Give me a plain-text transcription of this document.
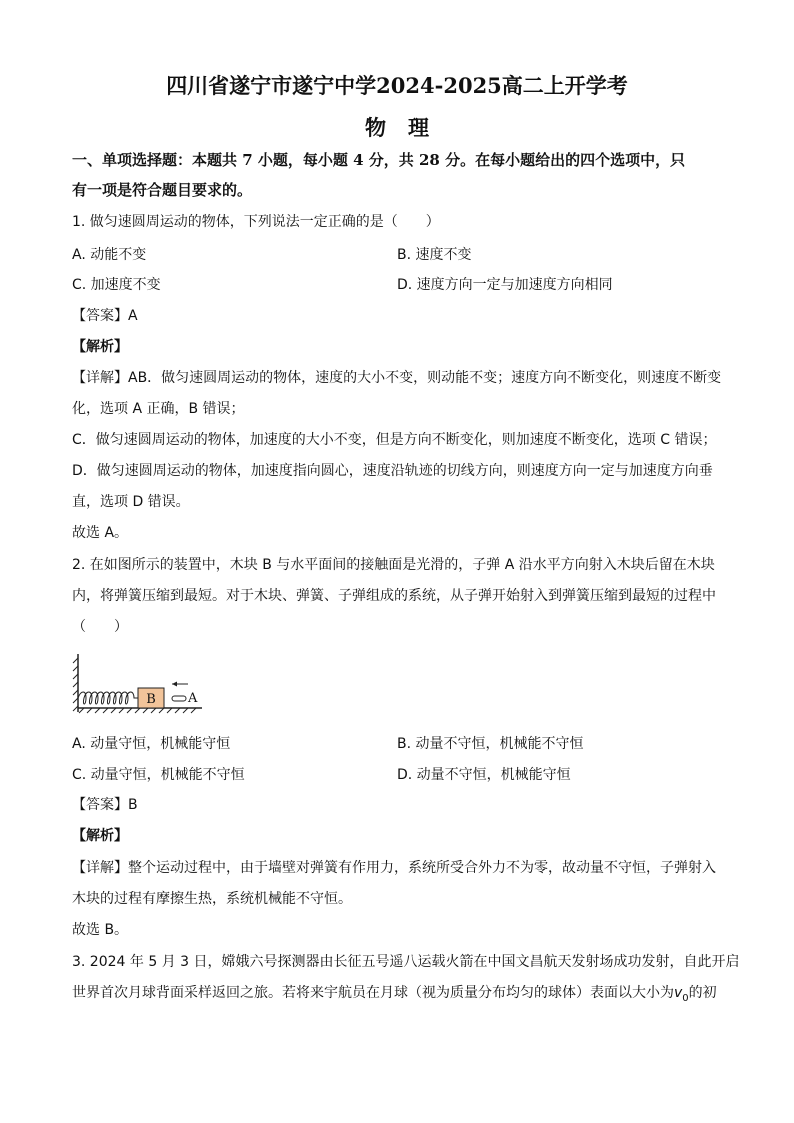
四川省遂宁市遂宁中学2024-2025高二上开学考
物理
一、单项选择题：本题共 7 小题，每小题 4 分，共 28 分。在每小题给出的四个选项中，只
有一项是符合题目要求的。
1. 做匀速圆周运动的物体，下列说法一定正确的是（　　）
A. 动能不变	B. 速度不变
C. 加速度不变	D. 速度方向一定与加速度方向相同
【答案】A
【解析】
【详解】AB．做匀速圆周运动的物体，速度的大小不变，则动能不变；速度方向不断变化，则速度不断变
化，选项 A 正确，B 错误；
C．做匀速圆周运动的物体，加速度的大小不变，但是方向不断变化，则加速度不断变化，选项 C 错误；
D．做匀速圆周运动的物体，加速度指向圆心，速度沿轨迹的切线方向，则速度方向一定与加速度方向垂
直，选项 D 错误。
故选 A。
2. 在如图所示的装置中，木块 B 与水平面间的接触面是光滑的，子弹 A 沿水平方向射入木块后留在木块
内，将弹簧压缩到最短。对于木块、弹簧、子弹组成的系统，从子弹开始射入到弹簧压缩到最短的过程中
（　　）
B A
A. 动量守恒，机械能守恒	B. 动量不守恒，机械能不守恒
C. 动量守恒，机械能不守恒	D. 动量不守恒，机械能守恒
【答案】B
【解析】
【详解】整个运动过程中，由于墙壁对弹簧有作用力，系统所受合外力不为零，故动量不守恒，子弹射入
木块的过程有摩擦生热，系统机械能不守恒。
故选 B。
3. 2024 年 5 月 3 日，嫦娥六号探测器由长征五号遥八运载火箭在中国文昌航天发射场成功发射，自此开启
世界首次月球背面采样返回之旅。若将来宇航员在月球（视为质量分布均匀的球体）表面以大小为$v_0$的初
